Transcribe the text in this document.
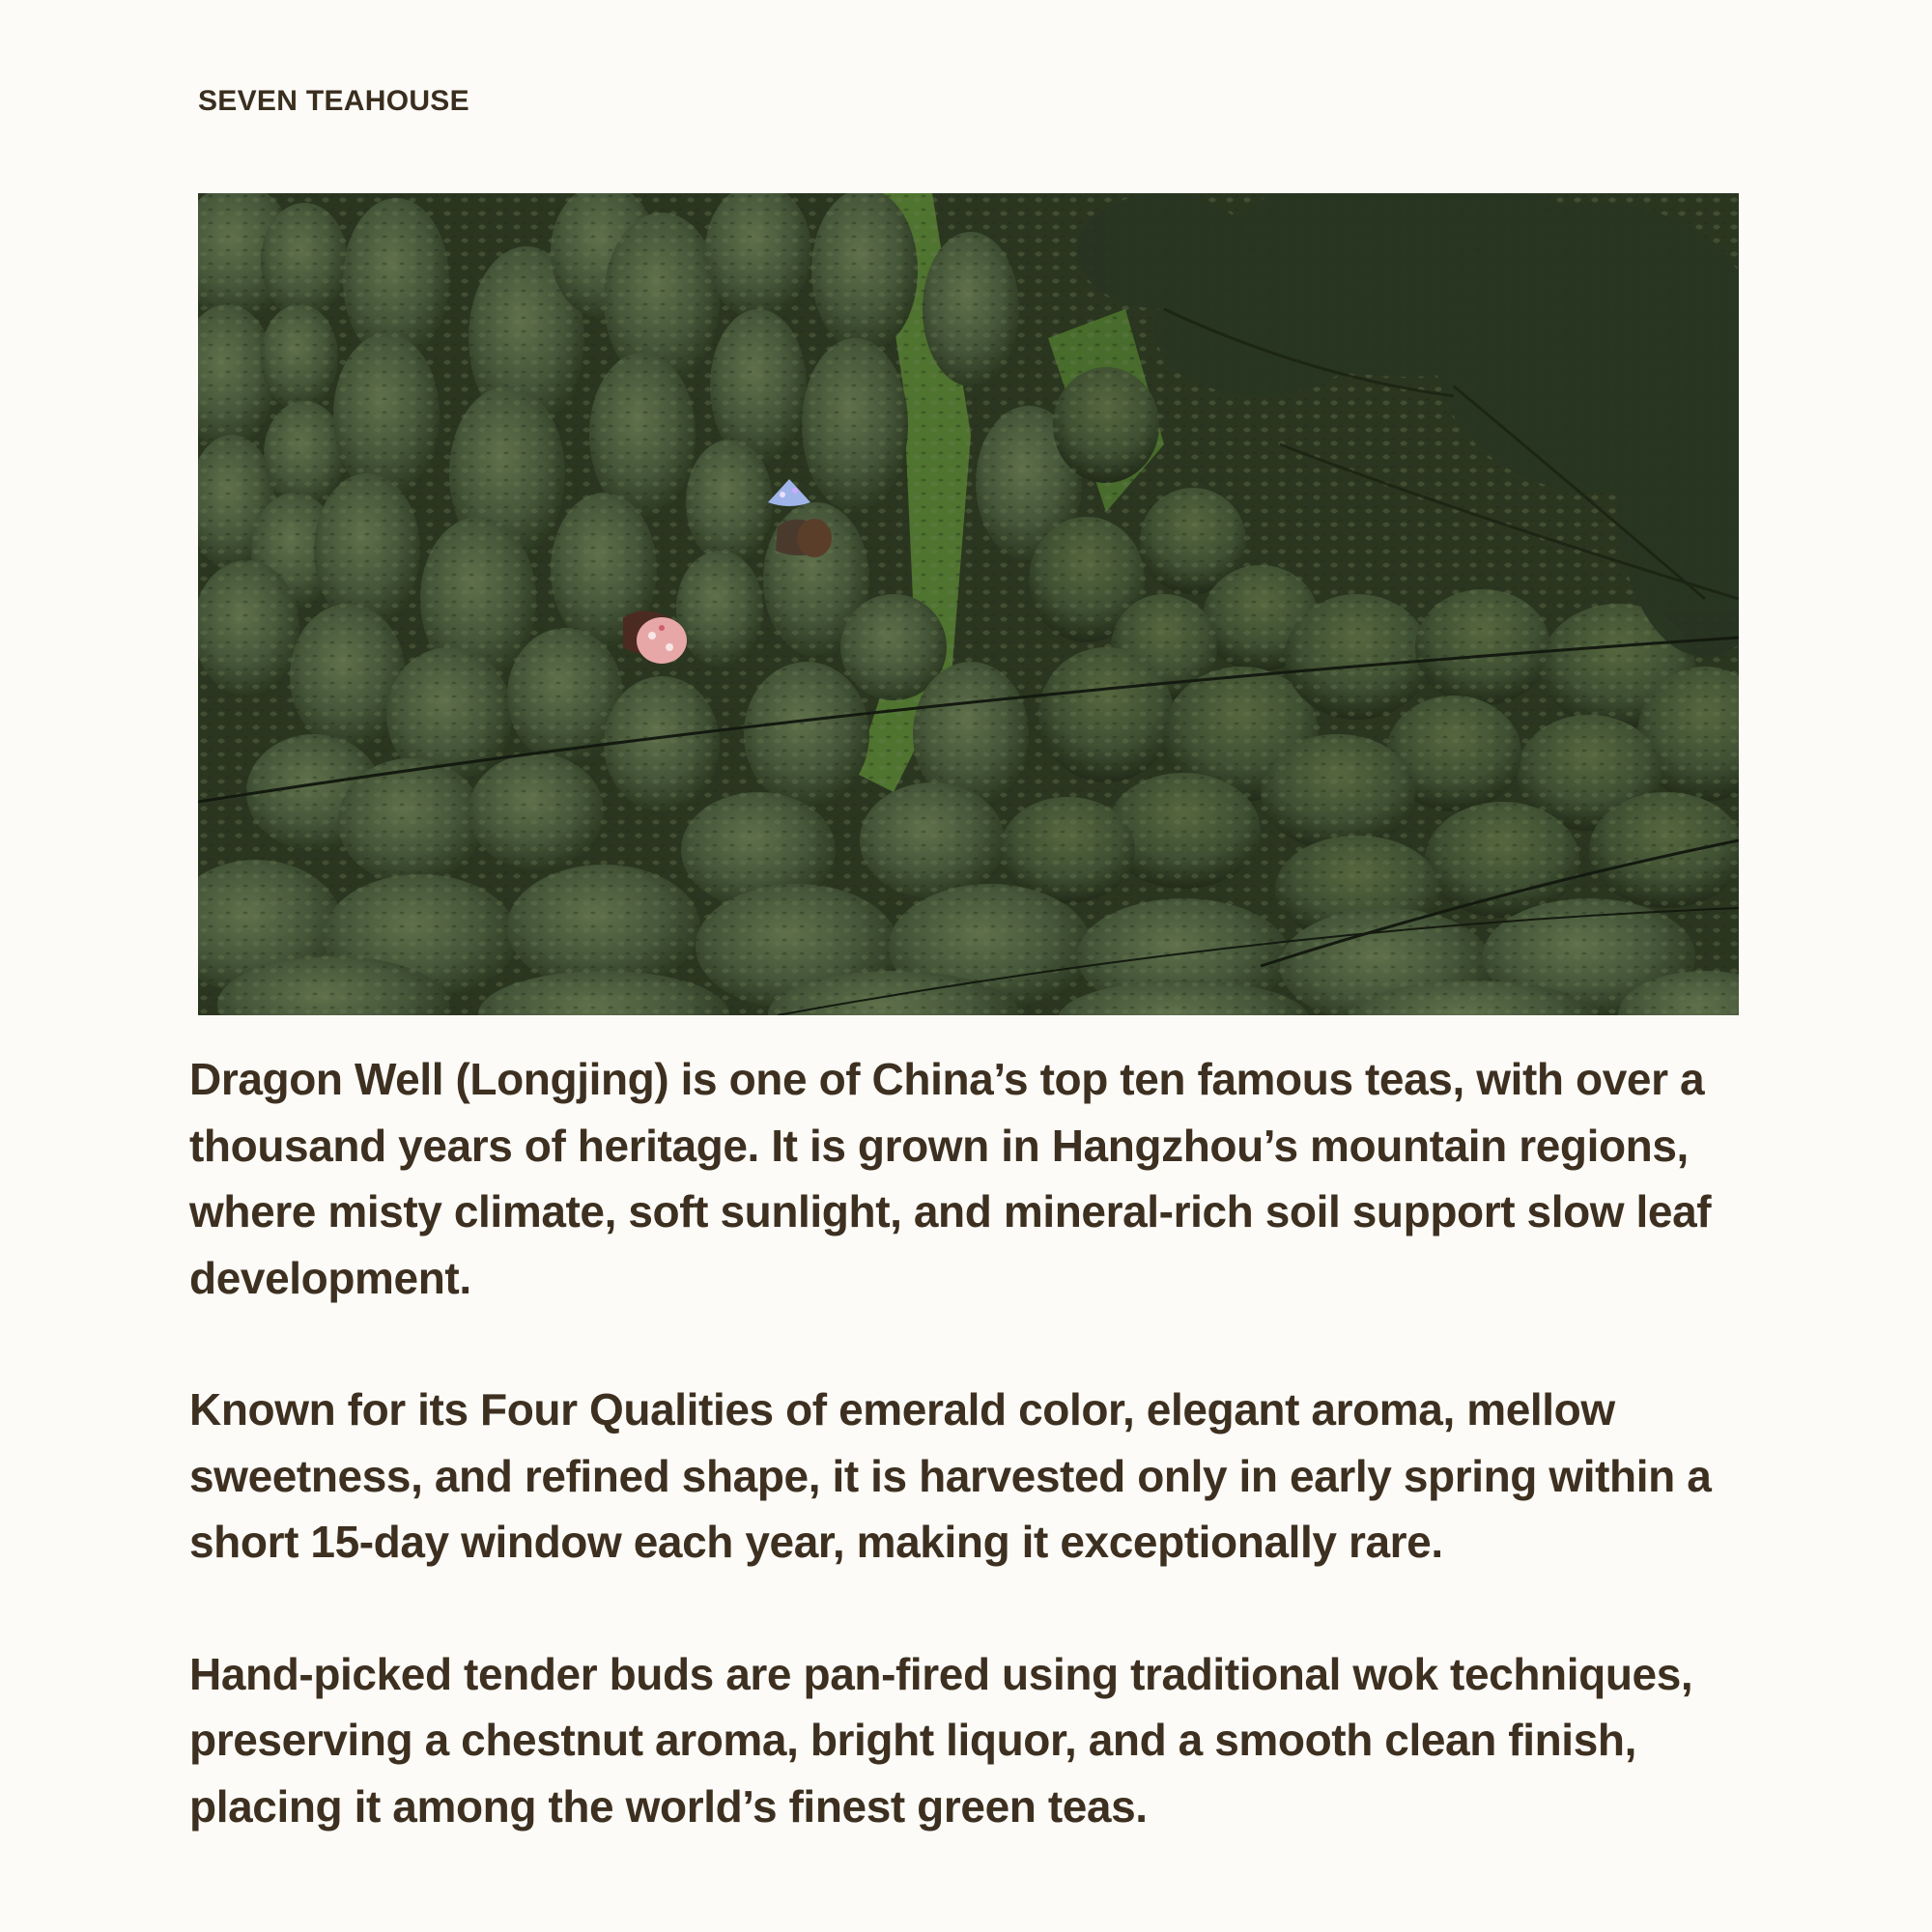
SEVEN TEAHOUSE

Dragon Well (Longjing) is one of China’s top ten famous teas, with over a thousand years of heritage. It is grown in Hangzhou’s mountain regions, where misty climate, soft sunlight, and mineral-rich soil support slow leaf development.

Known for its Four Qualities of emerald color, elegant aroma, mellow sweetness, and refined shape, it is harvested only in early spring within a short 15-day window each year, making it exceptionally rare.

Hand-picked tender buds are pan-fired using traditional wok techniques, preserving a chestnut aroma, bright liquor, and a smooth clean finish, placing it among the world’s finest green teas.
